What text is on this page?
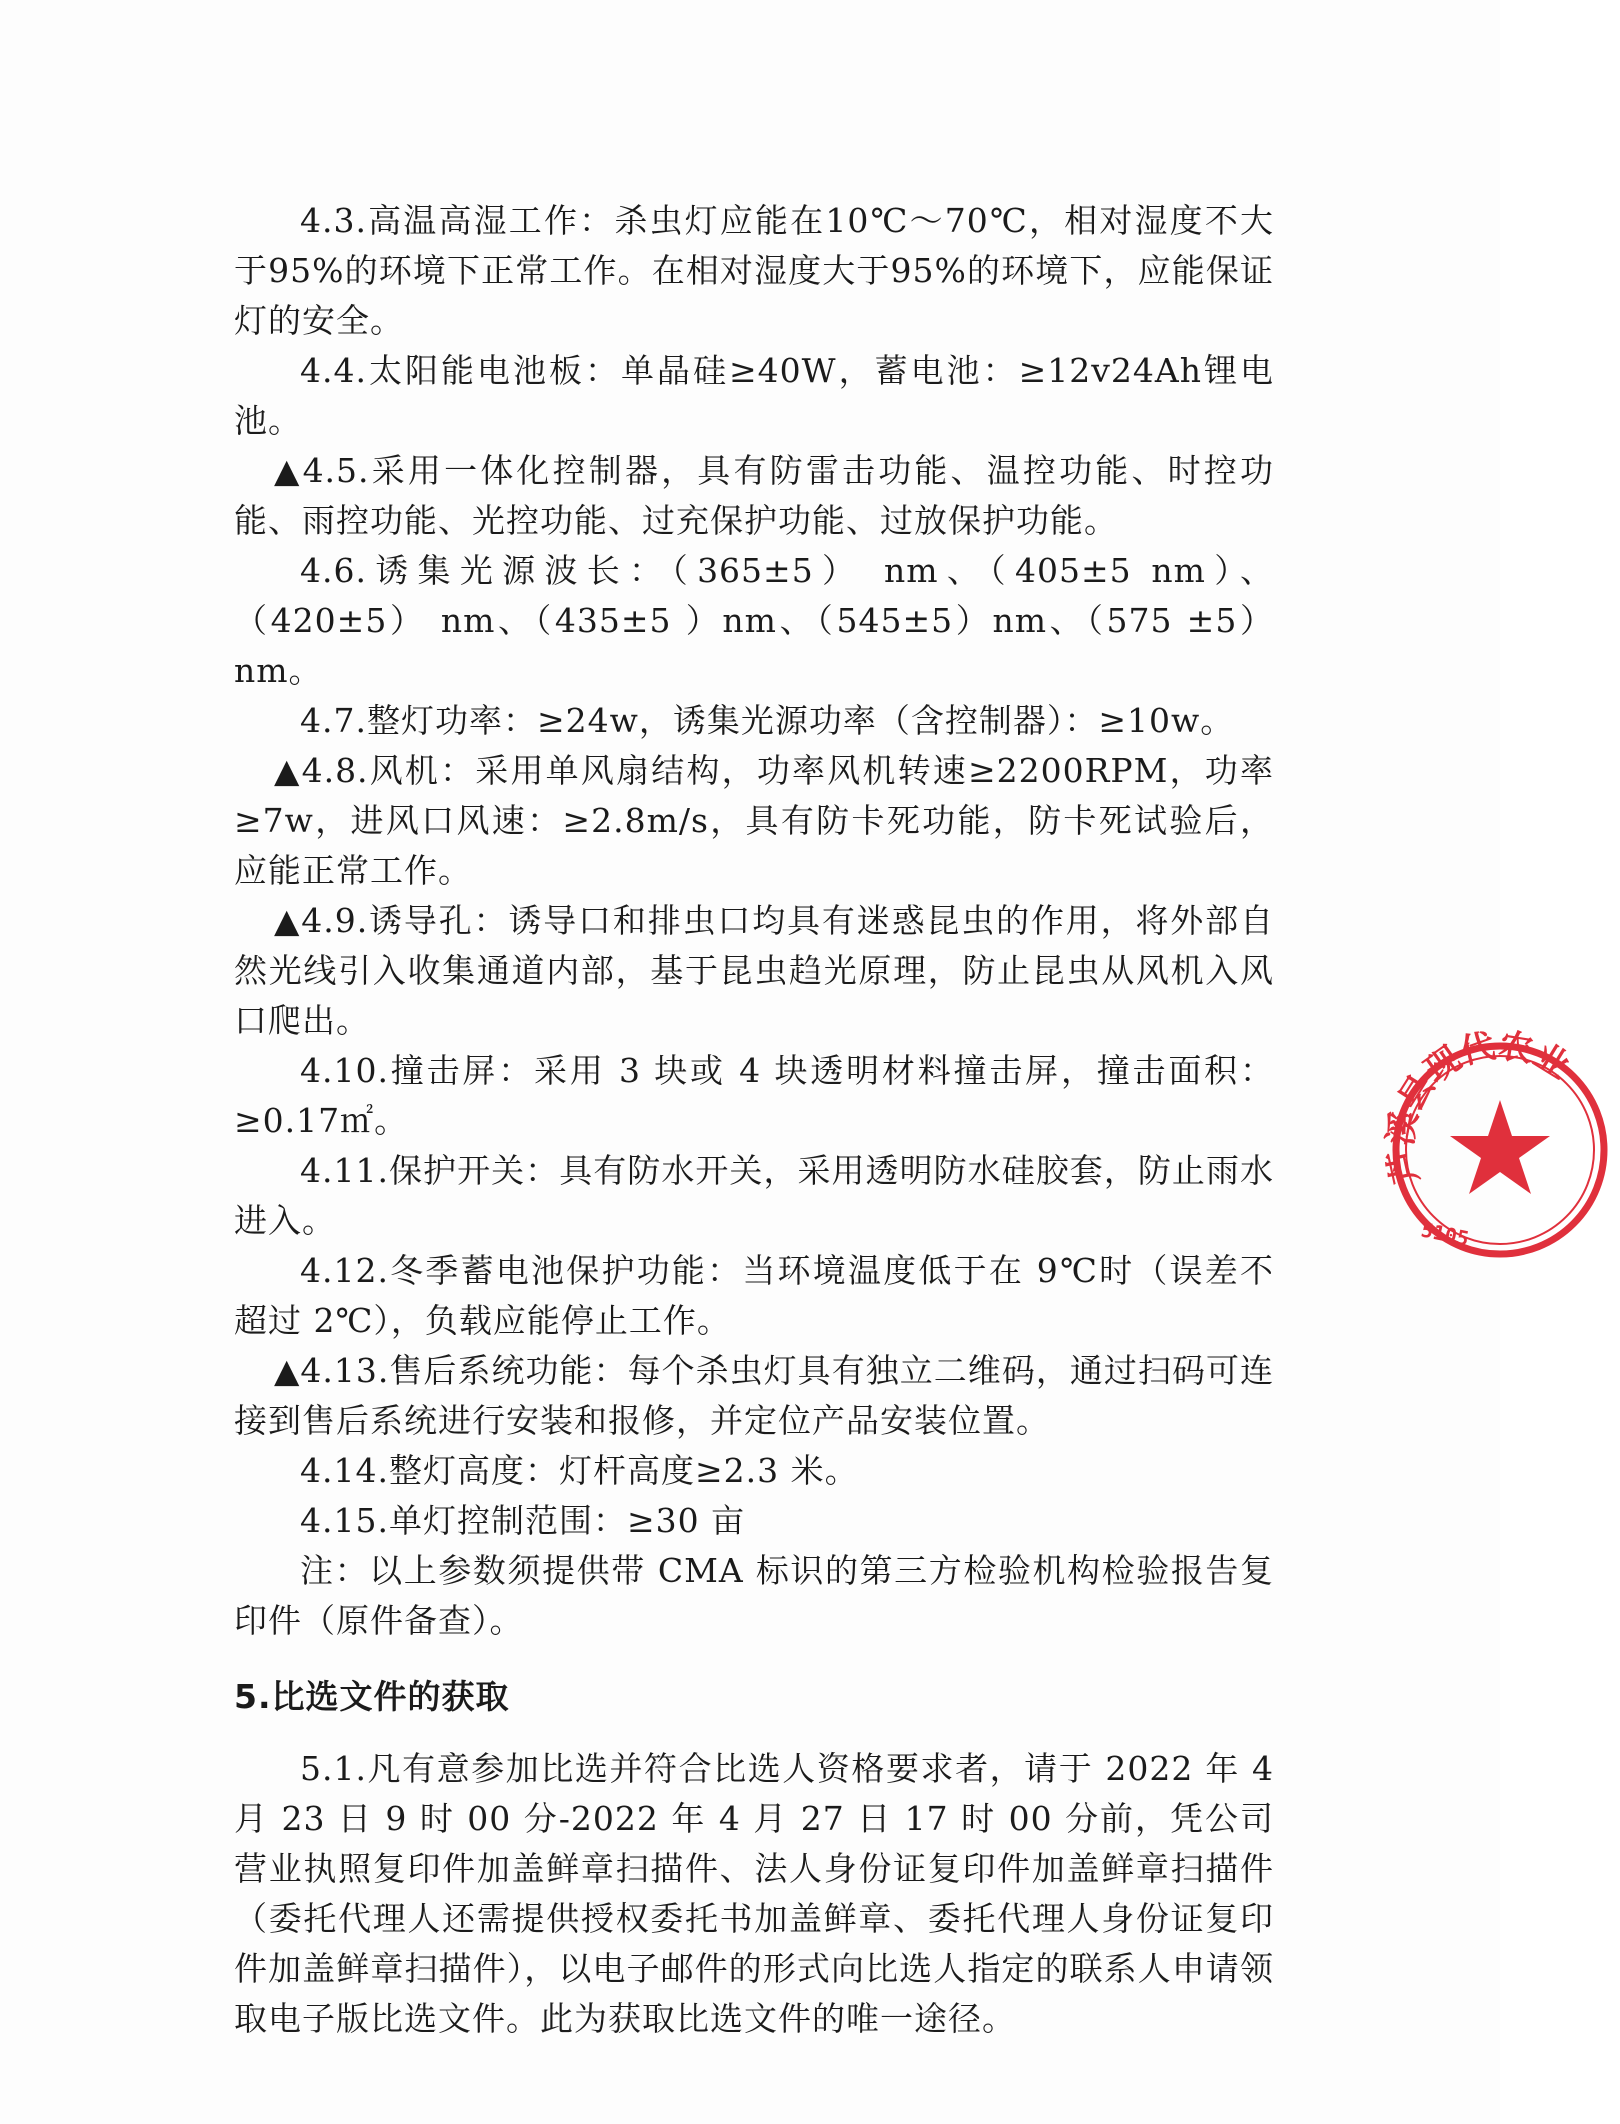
4.3.高温高湿工作：杀虫灯应能在10℃～70℃，相对湿度不大于95%的环境下正常工作。在相对湿度大于95%的环境下，应能保证灯的安全。

4.4.太阳能电池板：单晶硅≥40W，蓄电池：≥12v24Ah锂电池。

▲4.5.采用一体化控制器，具有防雷击功能、温控功能、时控功能、雨控功能、光控功能、过充保护功能、过放保护功能。

4.6.诱集光源波长：（365±5） nm、（405±5 nm）、（420±5） nm、（435±5 ）nm、（545±5）nm、（575 ±5）nm。

4.7.整灯功率：≥24w，诱集光源功率（含控制器）：≥10w。

▲4.8.风机：采用单风扇结构，功率风机转速≥2200RPM，功率≥7w，进风口风速：≥2.8m/s，具有防卡死功能，防卡死试验后，应能正常工作。

▲4.9.诱导孔：诱导口和排虫口均具有迷惑昆虫的作用，将外部自然光线引入收集通道内部，基于昆虫趋光原理，防止昆虫从风机入风口爬出。

4.10.撞击屏：采用 3 块或 4 块透明材料撞击屏，撞击面积：≥0.17㎡。

4.11.保护开关：具有防水开关，采用透明防水硅胶套，防止雨水进入。

4.12.冬季蓄电池保护功能：当环境温度低于在 9℃时（误差不超过 2℃），负载应能停止工作。

▲4.13.售后系统功能：每个杀虫灯具有独立二维码，通过扫码可连接到售后系统进行安装和报修，并定位产品安装位置。

4.14.整灯高度：灯杆高度≥2.3 米。

4.15.单灯控制范围：≥30 亩

注：以上参数须提供带 CMA 标识的第三方检验机构检验报告复印件（原件备查）。

5.比选文件的获取

5.1.凡有意参加比选并符合比选人资格要求者，请于 2022 年 4 月 23 日 9 时 00 分-2022 年 4 月 27 日 17 时 00 分前，凭公司营业执照复印件加盖鲜章扫描件、法人身份证复印件加盖鲜章扫描件（委托代理人还需提供授权委托书加盖鲜章、委托代理人身份证复印件加盖鲜章扫描件），以电子邮件的形式向比选人指定的联系人申请领取电子版比选文件。此为获取比选文件的唯一途径。

芦溪县现代农业
5105
